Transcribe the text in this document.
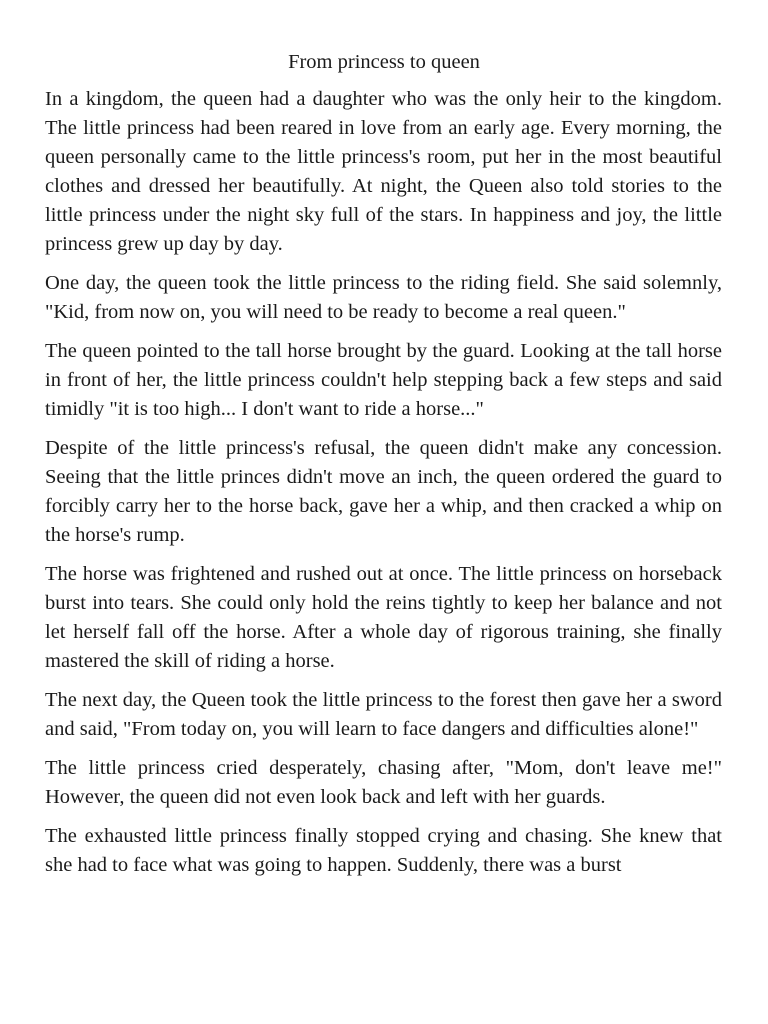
From princess to queen

In a kingdom, the queen had a daughter who was the only heir to the kingdom. The little princess had been reared in love from an early age. Every morning, the queen personally came to the little princess's room, put her in the most beautiful clothes and dressed her beautifully. At night, the Queen also told stories to the little princess under the night sky full of the stars. In happiness and joy, the little princess grew up day by day.

One day, the queen took the little princess to the riding field. She said solemnly, "Kid, from now on, you will need to be ready to become a real queen."

The queen pointed to the tall horse brought by the guard. Looking at the tall horse in front of her, the little princess couldn't help stepping back a few steps and said timidly "it is too high... I don't want to ride a horse..."

Despite of the little princess's refusal, the queen didn't make any concession. Seeing that the little princes didn't move an inch, the queen ordered the guard to forcibly carry her to the horse back, gave her a whip, and then cracked a whip on the horse's rump.

The horse was frightened and rushed out at once. The little princess on horseback burst into tears. She could only hold the reins tightly to keep her balance and not let herself fall off the horse. After a whole day of rigorous training, she finally mastered the skill of riding a horse.

The next day, the Queen took the little princess to the forest then gave her a sword and said, "From today on, you will learn to face dangers and difficulties alone!"

The little princess cried desperately, chasing after, "Mom, don't leave me!" However, the queen did not even look back and left with her guards.

The exhausted little princess finally stopped crying and chasing. She knew that she had to face what was going to happen. Suddenly, there was a burst
